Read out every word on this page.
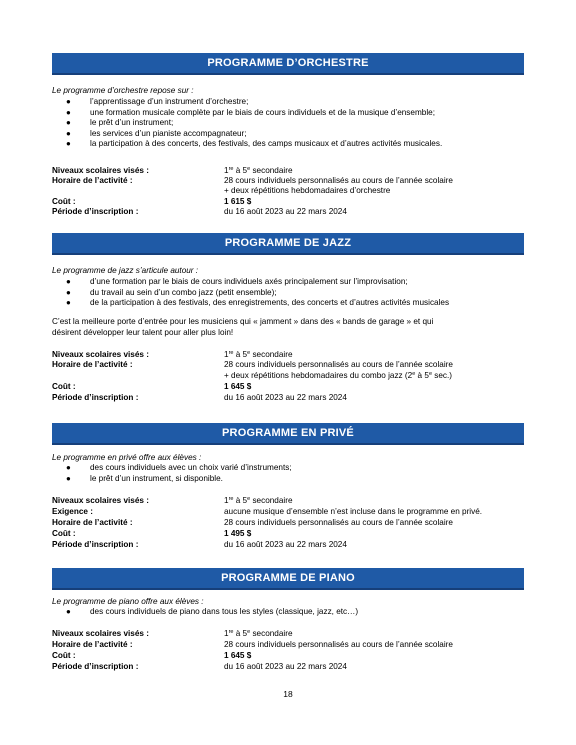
PROGRAMME D’ORCHESTRE
Le programme d’orchestre repose sur :
● l’apprentissage d’un instrument d’orchestre;
● une formation musicale complète par le biais de cours individuels et de la musique d’ensemble;
● le prêt d’un instrument;
● les services d’un pianiste accompagnateur;
● la participation à des concerts, des festivals, des camps musicaux et d’autres activités musicales.
Niveaux scolaires visés :	1re à 5e secondaire
Horaire de l’activité :	28 cours individuels personnalisés au cours de l’année scolaire
+ deux répétitions hebdomadaires d’orchestre
Coût :	1 615 $
Période d’inscription :	du 16 août 2023 au 22 mars 2024
PROGRAMME DE JAZZ
Le programme de jazz s’articule autour :
● d’une formation par le biais de cours individuels axés principalement sur l’improvisation;
● du travail au sein d’un combo jazz (petit ensemble);
● de la participation à des festivals, des enregistrements, des concerts et d’autres activités musicales
C’est la meilleure porte d’entrée pour les musiciens qui « jamment » dans des « bands de garage » et qui
désirent développer leur talent pour aller plus loin!
Niveaux scolaires visés :	1re à 5e secondaire
Horaire de l’activité :	28 cours individuels personnalisés au cours de l’année scolaire
+ deux répétitions hebdomadaires du combo jazz (2e à 5e sec.)
Coût :	1 645 $
Période d’inscription :	du 16 août 2023 au 22 mars 2024
PROGRAMME EN PRIVÉ
Le programme en privé offre aux élèves :
● des cours individuels avec un choix varié d’instruments;
● le prêt d’un instrument, si disponible.
Niveaux scolaires visés :	1re à 5e secondaire
Exigence :	aucune musique d’ensemble n’est incluse dans le programme en privé.
Horaire de l’activité :	28 cours individuels personnalisés au cours de l’année scolaire
Coût :	1 495 $
Période d’inscription :	du 16 août 2023 au 22 mars 2024
PROGRAMME DE PIANO
Le programme de piano offre aux élèves :
● des cours individuels de piano dans tous les styles (classique, jazz, etc…)
Niveaux scolaires visés :	1re à 5e secondaire
Horaire de l’activité :	28 cours individuels personnalisés au cours de l’année scolaire
Coût :	1 645 $
Période d’inscription :	du 16 août 2023 au 22 mars 2024
18
